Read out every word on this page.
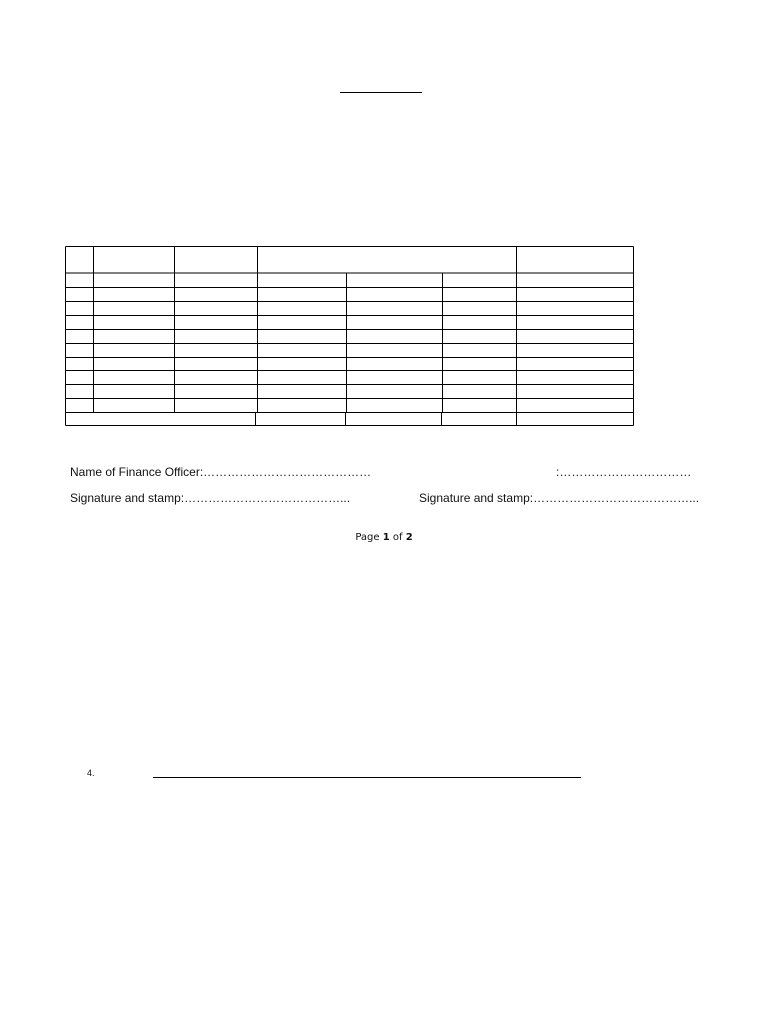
Name of Finance Officer:……………………………………	:……………………………
Signature and stamp:…………………………………...	Signature and stamp:…………………………………...
Page 1 of 2
4.
